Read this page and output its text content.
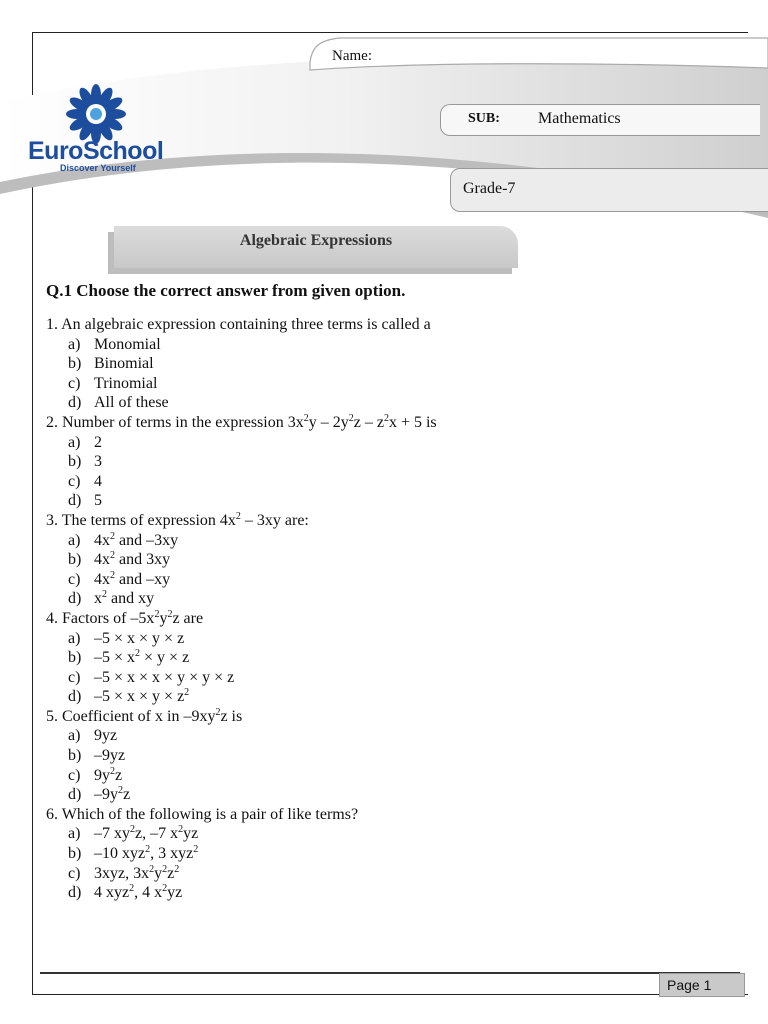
Name:
SUB: Mathematics
Grade-7
EuroSchool
Discover Yourself
Algebraic Expressions
Q.1 Choose the correct answer from given option.
1. An algebraic expression containing three terms is called a
a) Monomial
b) Binomial
c) Trinomial
d) All of these
2. Number of terms in the expression $3x^2y - 2y^2z - z^2x + 5$ is
a) 2
b) 3
c) 4
d) 5
3. The terms of expression $4x^2 - 3xy$ are:
a) $4x^2$ and –3xy
b) $4x^2$ and 3xy
c) $4x^2$ and –xy
d) $x^2$ and xy
4. Factors of $-5x^2y^2z$ are
a) –5 × x × y × z
b) $-5 \times x^2 \times y \times z$
c) –5 × x × x × y × y × z
d) $-5 \times x \times y \times z^2$
5. Coefficient of x in $-9xy^2z$ is
a) 9yz
b) –9yz
c) $9y^2z$
d) $-9y^2z$
6. Which of the following is a pair of like terms?
a) –7 $xy^2z$, –7 $x^2yz$
b) –10 xyz$^2$, 3 xyz$^2$
c) 3xyz, $3x^2y^2z^2$
d) 4 xyz$^2$, 4 $x^2yz$
Page 1
